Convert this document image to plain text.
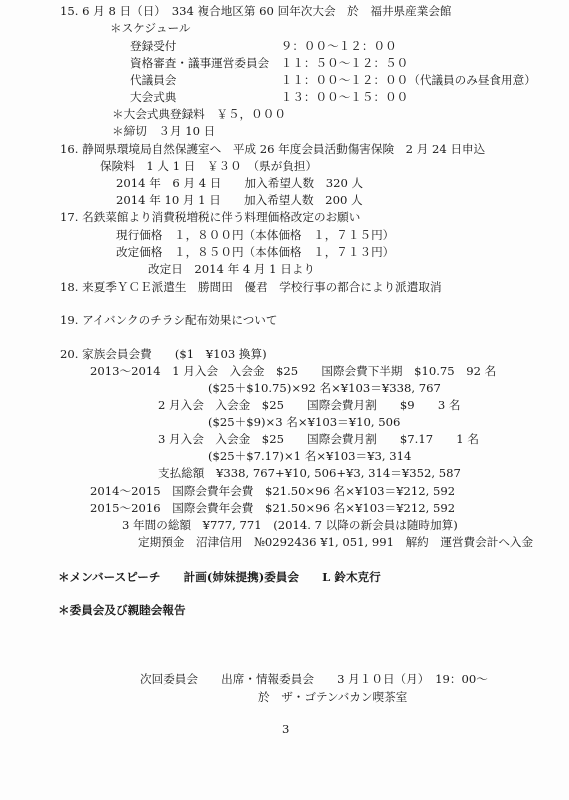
15. 6 月 8 日（日）　334 複合地区第 60 回年次大会　於　福井県産業会館
＊スケジュール
登録受付　　　　　　　　　９：００～１２：００
資格審査・議事運営委員会　１１：５０～１２：５０
代議員会　　　　　　　　　１１：００～１２：００（代議員のみ昼食用意）
大会式典　　　　　　　　　１３：００～１５：００
＊大会式典登録料　￥５，０００
＊締切　３月 10 日
16. 静岡県環境局自然保護室へ　平成 26 年度会員活動傷害保険　2 月 24 日申込
保険料　1 人 1 日　￥３０　（県が負担）
2014 年　6 月 4 日　　加入希望人数　320 人
2014 年 10 月 1 日　　加入希望人数　200 人
17. 名鉄菜館より消費税増税に伴う料理価格改定のお願い
現行価格　１，８００円（本体価格　１，７１５円）
改定価格　１，８５０円（本体価格　１，７１３円）
改定日　2014 年 4 月 1 日より
18. 来夏季ＹＣＥ派遣生　勝間田　優君　学校行事の都合により派遣取消
19. アイバンクのチラシ配布効果について
20. 家族会員会費　　($1　¥103 換算)
2013～2014　1 月入会　入会金　$25　　国際会費下半期　$10.75　92 名
($25＋$10.75)×92 名×¥103＝¥338, 767
2 月入会　入会金　$25　　国際会費月割　　$9　　3 名
($25＋$9)×3 名×¥103＝¥10, 506
3 月入会　入会金　$25　　国際会費月割　　$7.17　　1 名
($25＋$7.17)×1 名×¥103＝¥3, 314
支払総額　¥338, 767+¥10, 506+¥3, 314＝¥352, 587
2014～2015　国際会費年会費　$21.50×96 名×¥103＝¥212, 592
2015～2016　国際会費年会費　$21.50×96 名×¥103＝¥212, 592
3 年間の総額　¥777, 771　(2014. 7 以降の新会員は随時加算)
定期預金　沼津信用　№0292436 ¥1, 051, 991　解約　運営費会計へ入金
＊メンバースピーチ　　計画(姉妹提携)委員会　　L 鈴木克行
＊委員会及び親睦会報告
次回委員会　　出席・情報委員会　　3 月１０日（月）　19：00～
於　ザ・ゴテンバカン喫茶室
3
